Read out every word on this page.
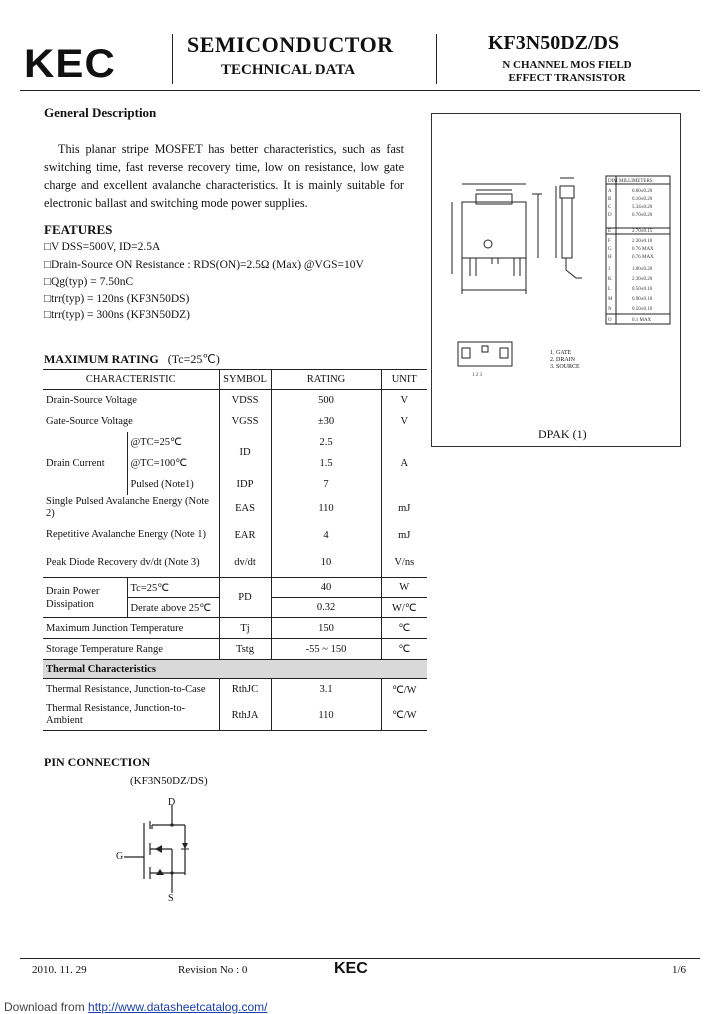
KEC	SEMICONDUCTOR
TECHNICAL DATA
KF3N50DZ/DS
N CHANNEL MOS FIELD
EFFECT TRANSISTOR
General Description
This planar stripe MOSFET has better characteristics, such as fast switching time, fast reverse recovery time, low on resistance, low gate charge and excellent avalanche characteristics. It is mainly suitable for electronic ballast and switching mode power supplies.
FEATURES
□V DSS=500V, ID=2.5A
□Drain-Source ON Resistance : RDS(ON)=2.5Ω (Max) @VGS=10V
□Qg(typ) = 7.50nC
□trr(typ) = 120ns (KF3N50DS)
□trr(typ) = 300ns (KF3N50DZ)
MAXIMUM RATING (Tc=25℃)
CHARACTERISTIC		SYMBOL	RATING	UNIT
Drain-Source Voltage		VDSS	500	V
Gate-Source Voltage		VGSS	±30	V
Drain Current	@TC=25℃	ID	2.5	A
	@TC=100℃		1.5	
	Pulsed (Note1)	IDP	7	
Single Pulsed Avalanche Energy (Note 2)		EAS	110	mJ
Repetitive Avalanche Energy (Note 1)		EAR	4	mJ
Peak Diode Recovery dv/dt (Note 3)		dv/dt	10	V/ns
Drain Power Dissipation	Tc=25℃	PD	40	W
	Derate above 25℃		0.32	W/℃
Maximum Junction Temperature		Tj	150	℃
Storage Temperature Range		Tstg	-55 ~ 150	℃
Thermal Characteristics				
Thermal Resistance, Junction-to-Case		RthJC	3.1	℃/W
Thermal Resistance, Junction-to-Ambient		RthJA	110	℃/W
DIM MILLIMETERS
A	6.60±0.20
B	6.10±0.20
C	5.34±0.20
D	0.70±0.20
E	2.70±0.15
F	2.30±0.10
G	0.76 MAX
H	0.76 MAX
J	1.00±0.20
K	2.30±0.20
L	0.50±0.10
M	0.90±0.10
N	0.50±0.10
O	0.1 MAX
1 2 3
1. GATE
2. DRAIN
3. SOURCE
DPAK (1)
PIN CONNECTION
(KF3N50DZ/DS)
D
G
S
2010. 11. 29	Revision No : 0	KEC	1/6
Download from http://www.datasheetcatalog.com/
